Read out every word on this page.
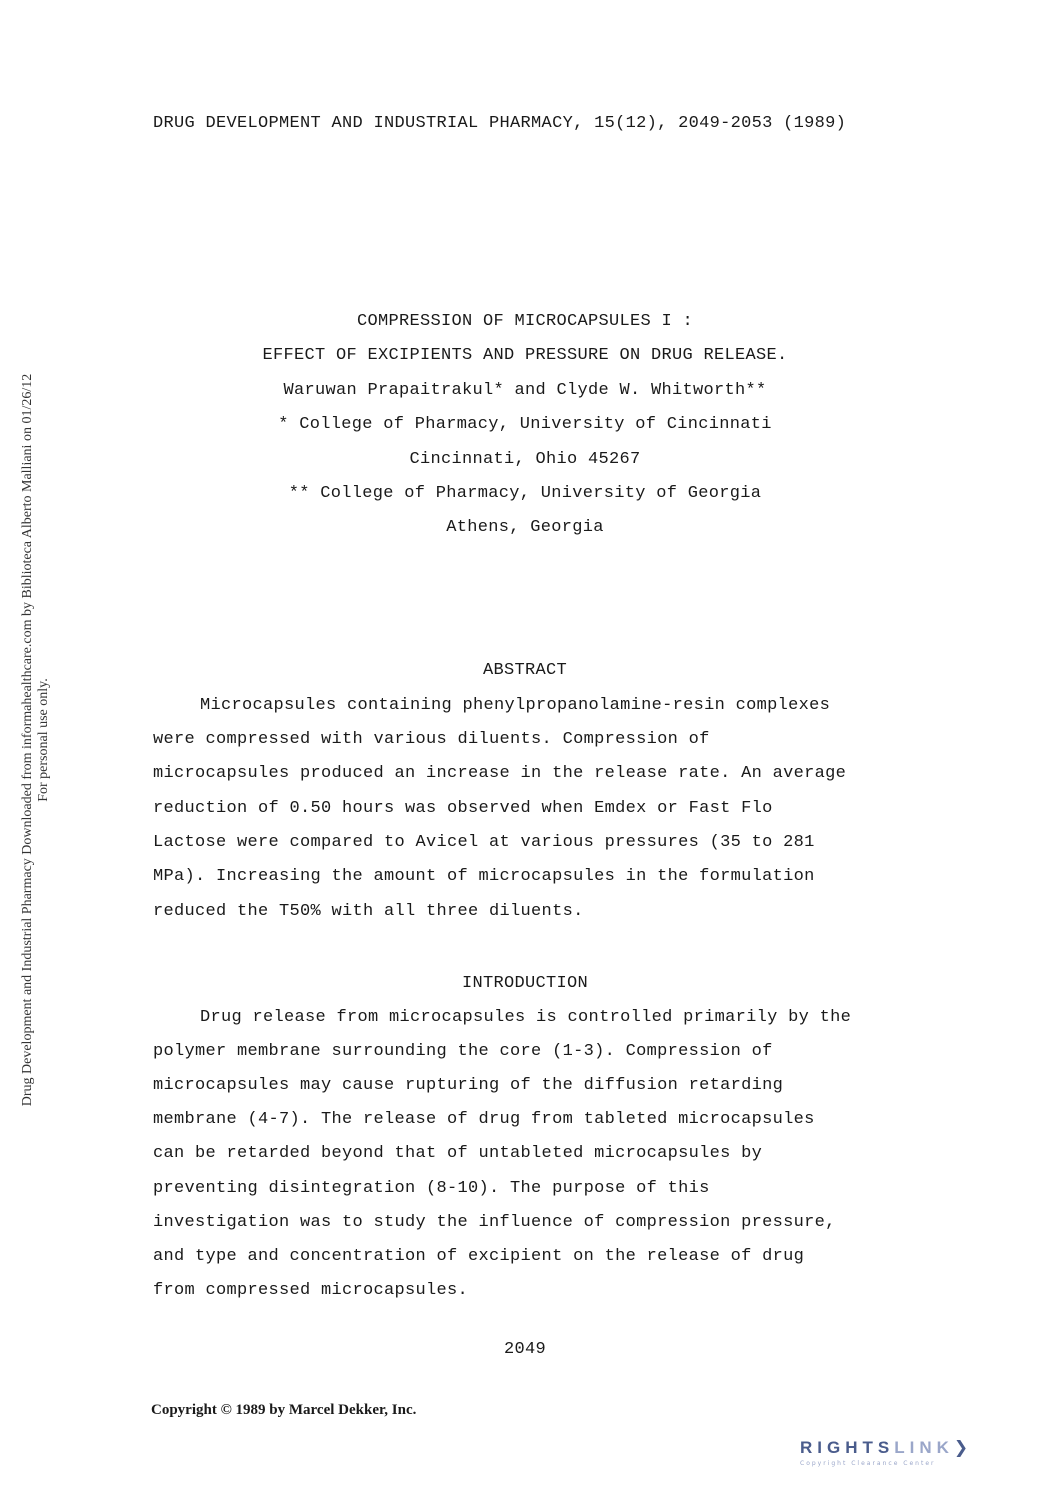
Drug Development and Industrial Pharmacy Downloaded from informahealthcare.com by Biblioteca Alberto Malliani on 01/26/12 For personal use only.
DRUG DEVELOPMENT AND INDUSTRIAL PHARMACY, 15(12), 2049-2053 (1989)
COMPRESSION OF MICROCAPSULES I :
EFFECT OF EXCIPIENTS AND PRESSURE ON DRUG RELEASE.
Waruwan Prapaitrakul* and Clyde W. Whitworth**
* College of Pharmacy, University of Cincinnati
Cincinnati, Ohio 45267
** College of Pharmacy, University of Georgia
Athens, Georgia
ABSTRACT
Microcapsules containing phenylpropanolamine-resin complexes
were compressed with various diluents. Compression of
microcapsules produced an increase in the release rate. An average
reduction of 0.50 hours was observed when Emdex or Fast Flo
Lactose were compared to Avicel at various pressures (35 to 281
MPa). Increasing the amount of microcapsules in the formulation
reduced the T50% with all three diluents.
INTRODUCTION
Drug release from microcapsules is controlled primarily by the
polymer membrane surrounding the core (1-3). Compression of
microcapsules may cause rupturing of the diffusion retarding
membrane (4-7). The release of drug from tableted microcapsules
can be retarded beyond that of untableted microcapsules by
preventing disintegration (8-10). The purpose of this
investigation was to study the influence of compression pressure,
and type and concentration of excipient on the release of drug
from compressed microcapsules.
2049
Copyright © 1989 by Marcel Dekker, Inc.
RIGHTSLINK❯
Copyright Clearance Center
